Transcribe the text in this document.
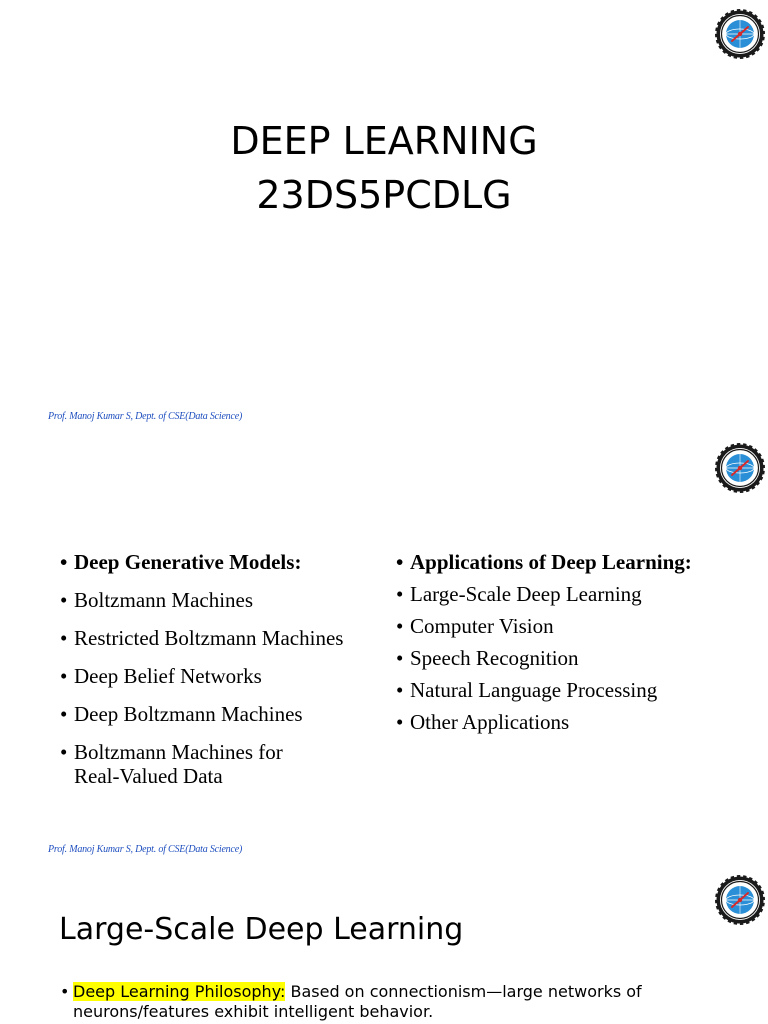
DEEP LEARNING
23DS5PCDLG
Prof. Manoj Kumar S, Dept. of CSE(Data Science)
• Deep Generative Models:
• Boltzmann Machines
• Restricted Boltzmann Machines
• Deep Belief Networks
• Deep Boltzmann Machines
• Boltzmann Machines for Real-Valued Data
• Applications of Deep Learning:
• Large-Scale Deep Learning
• Computer Vision
• Speech Recognition
• Natural Language Processing
• Other Applications
Prof. Manoj Kumar S, Dept. of CSE(Data Science)
Large-Scale Deep Learning

• Deep Learning Philosophy: Based on connectionism—large networks of neurons/features exhibit intelligent behavior.
